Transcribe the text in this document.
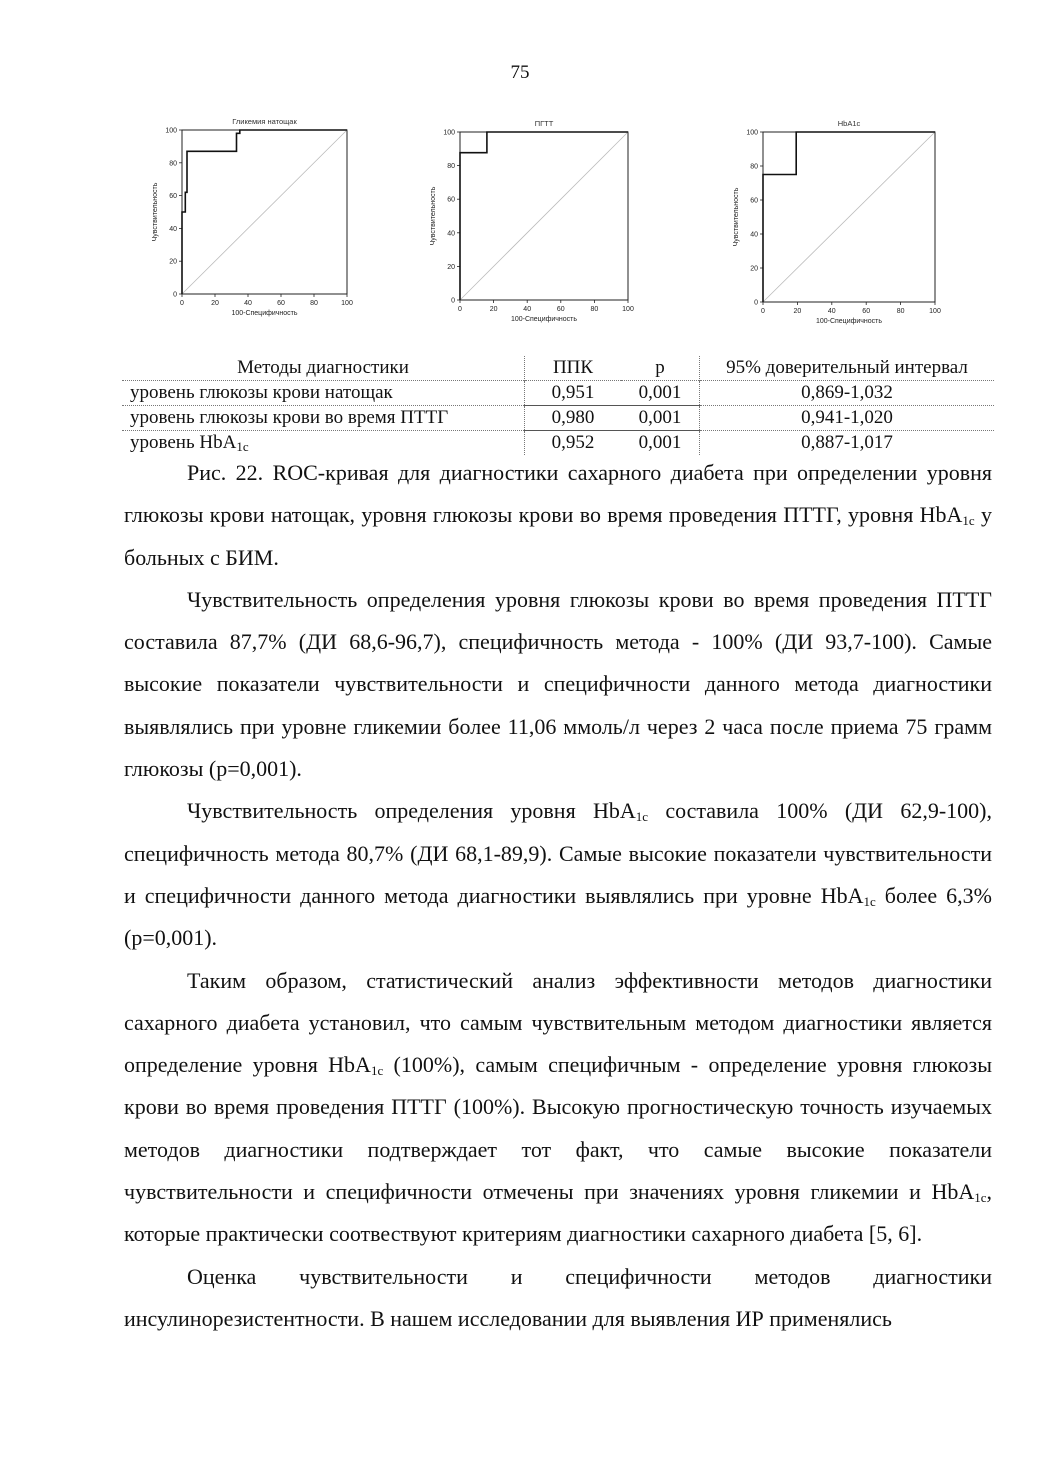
75
Гликемия натощак
0	20	40	60	80	100
0
20
40
60
80
100
100-Специфичность
Чувствительность
ПГТТ
0	20	40	60	80	100
0
20
40
60
80
100
100-Специфичность
Чувствительность
HbA1c
0	20	40	60	80	100
0
20
40
60
80
100
100-Специфичность
Чувствительность
Методы диагностики	ППК	p	95% доверительный интервал
уровень глюкозы крови натощак	0,951	0,001	0,869-1,032
уровень глюкозы крови во время ПТТГ	0,980	0,001	0,941-1,020
уровень HbA$_{1c}$	0,952	0,001	0,887-1,017

Рис. 22. ROC-кривая для диагностики сахарного диабета при определении уровня глюкозы крови натощак, уровня глюкозы крови во время проведения ПТТГ, уровня HbA$_{1c}$ у больных с БИМ.

Чувствительность определения уровня глюкозы крови во время проведения ПТТГ составила 87,7% (ДИ 68,6-96,7), специфичность метода - 100% (ДИ 93,7-100). Самые высокие показатели чувствительности и специфичности данного метода диагностики выявлялись при уровне гликемии более 11,06 ммоль/л через 2 часа после приема 75 грамм глюкозы (p=0,001).

Чувствительность определения уровня HbA$_{1c}$ составила 100% (ДИ 62,9-100), специфичность метода 80,7% (ДИ 68,1-89,9). Самые высокие показатели чувствительности и специфичности данного метода диагностики выявлялись при уровне HbA$_{1c}$ более 6,3% (p=0,001).

Таким образом, статистический анализ эффективности методов диагностики сахарного диабета установил, что самым чувствительным методом диагностики является определение уровня HbA$_{1c}$ (100%), самым специфичным - определение уровня глюкозы крови во время проведения ПТТГ (100%). Высокую прогностическую точность изучаемых методов диагностики подтверждает тот факт, что самые высокие показатели чувствительности и специфичности отмечены при значениях уровня гликемии и HbA$_{1c}$, которые практически соотвествуют критериям диагностики сахарного диабета [5, 6].

Оценка чувствительности и специфичности методов диагностики инсулинорезистентности. В нашем исследовании для выявления ИР применялись
